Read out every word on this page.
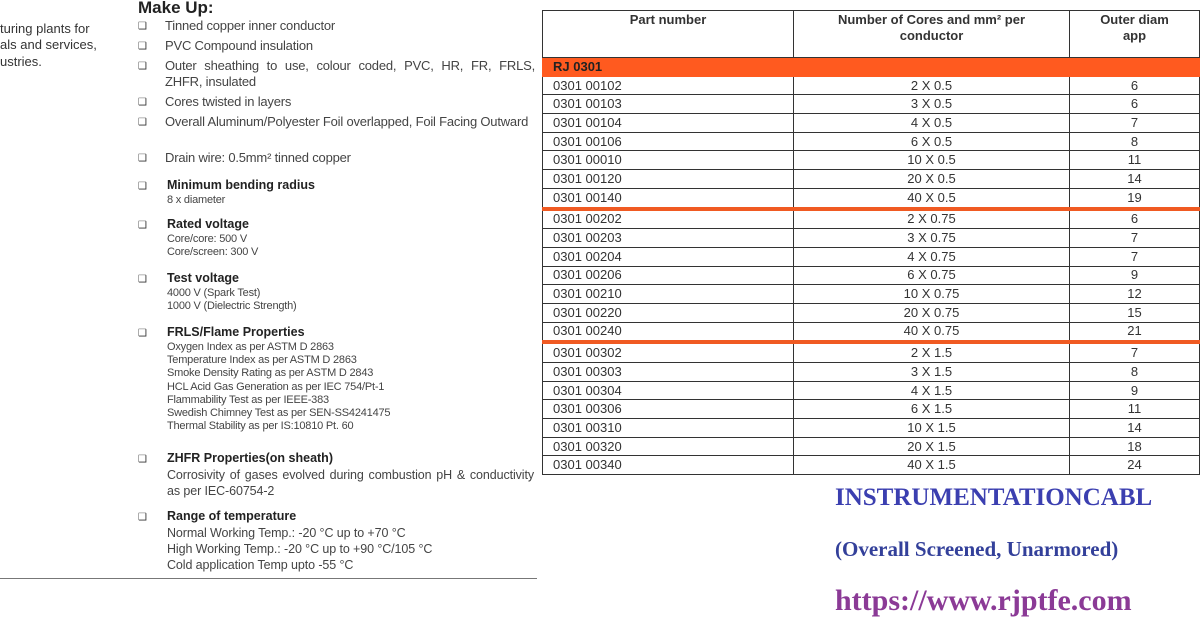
turing plants for
als and services,
ustries.
Make Up:
❑ Tinned copper inner conductor
❑ PVC Compound insulation
❑ Outer sheathing to use, colour coded, PVC, HR, FR, FRLS, ZHFR, insulated
❑ Cores twisted in layers
❑ Overall Aluminum/Polyester Foil overlapped, Foil Facing Outward
❑ Drain wire: 0.5mm² tinned copper
❑ Minimum bending radius
8 x diameter
❑ Rated voltage
Core/core: 500 V
Core/screen: 300 V
❑ Test voltage
4000 V (Spark Test)
1000 V (Dielectric Strength)
❑ FRLS/Flame Properties
Oxygen Index as per ASTM D 2863
Temperature Index as per ASTM D 2863
Smoke Density Rating as per ASTM D 2843
HCL Acid Gas Generation as per IEC 754/Pt-1
Flammability Test as per IEEE-383
Swedish Chimney Test as per SEN-SS4241475
Thermal Stability as per IS:10810 Pt. 60
❑ ZHFR Properties(on sheath)
Corrosivity of gases evolved during combustion pH & conductivity as per IEC-60754-2
❑ Range of temperature
Normal Working Temp.: -20 °C up to +70 °C
High Working Temp.: -20 °C up to +90 °C/105 °C
Cold application Temp upto -55 °C
Part number	Number of Cores and mm² per conductor	Outer diam app

RJ 0301		
0301 00102	2 X 0.5	6
0301 00103	3 X 0.5	6
0301 00104	4 X 0.5	7
0301 00106	6 X 0.5	8
0301 00010	10 X 0.5	11
0301 00120	20 X 0.5	14
0301 00140	40 X 0.5	19
0301 00202	2 X 0.75	6
0301 00203	3 X 0.75	7
0301 00204	4 X 0.75	7
0301 00206	6 X 0.75	9
0301 00210	10 X 0.75	12
0301 00220	20 X 0.75	15
0301 00240	40 X 0.75	21
0301 00302	2 X 1.5	7
0301 00303	3 X 1.5	8
0301 00304	4 X 1.5	9
0301 00306	6 X 1.5	11
0301 00310	10 X 1.5	14
0301 00320	20 X 1.5	18
0301 00340	40 X 1.5	24
INSTRUMENTATIONCABL
(Overall Screened, Unarmored)
https://www.rjptfe.com
